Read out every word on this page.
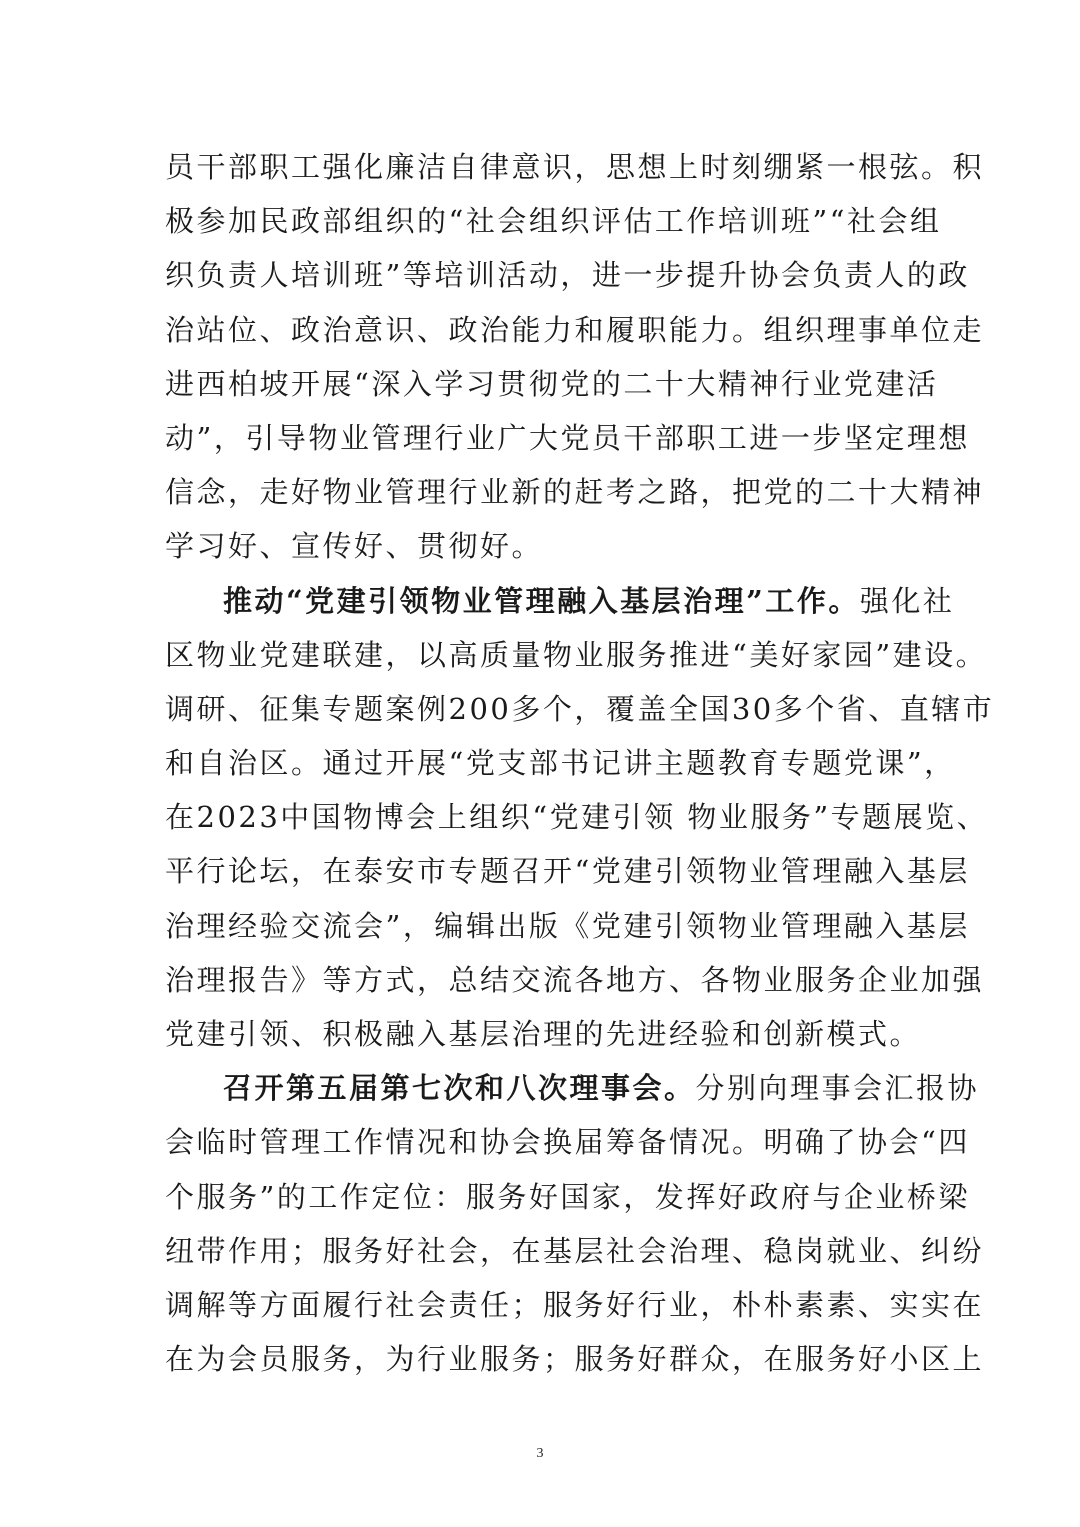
员干部职工强化廉洁自律意识，思想上时刻绷紧一根弦。积
极参加民政部组织的“社会组织评估工作培训班”“社会组
织负责人培训班”等培训活动，进一步提升协会负责人的政
治站位、政治意识、政治能力和履职能力。组织理事单位走
进西柏坡开展“深入学习贯彻党的二十大精神行业党建活
动”，引导物业管理行业广大党员干部职工进一步坚定理想
信念，走好物业管理行业新的赶考之路，把党的二十大精神
学习好、宣传好、贯彻好。
推动“党建引领物业管理融入基层治理”工作。强化社
区物业党建联建，以高质量物业服务推进“美好家园”建设。
调研、征集专题案例200多个，覆盖全国30多个省、直辖市
和自治区。通过开展“党支部书记讲主题教育专题党课”，
在2023中国物博会上组织“党建引领 物业服务”专题展览、
平行论坛，在泰安市专题召开“党建引领物业管理融入基层
治理经验交流会”，编辑出版《党建引领物业管理融入基层
治理报告》等方式，总结交流各地方、各物业服务企业加强
党建引领、积极融入基层治理的先进经验和创新模式。
召开第五届第七次和八次理事会。分别向理事会汇报协
会临时管理工作情况和协会换届筹备情况。明确了协会“四
个服务”的工作定位：服务好国家，发挥好政府与企业桥梁
纽带作用；服务好社会，在基层社会治理、稳岗就业、纠纷
调解等方面履行社会责任；服务好行业，朴朴素素、实实在
在为会员服务，为行业服务；服务好群众，在服务好小区上
3
